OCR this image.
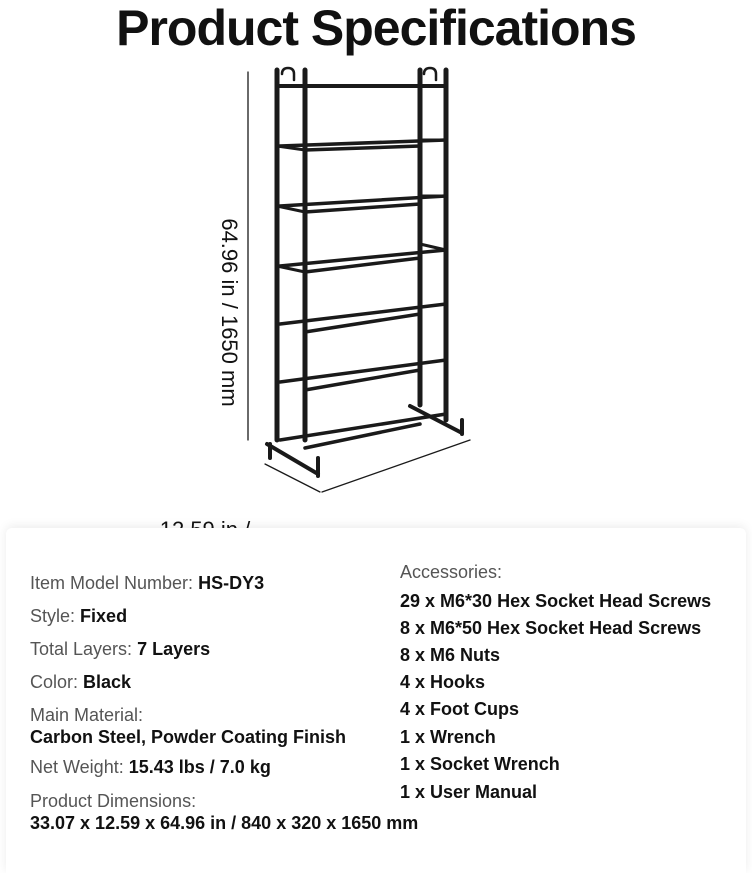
Product Specifications
64.96 in / 1650 mm
Item Model Number: HS-DY3
Style: Fixed
Total Layers: 7 Layers
Color: Black
Main Material:
Carbon Steel, Powder Coating Finish
Net Weight: 15.43 lbs / 7.0 kg
Product Dimensions:
33.07 x 12.59 x 64.96 in / 840 x 320 x 1650 mm
Accessories:
29 x M6*30 Hex Socket Head Screws
8 x M6*50 Hex Socket Head Screws
8 x M6 Nuts
4 x Hooks
4 x Foot Cups
1 x Wrench
1 x Socket Wrench
1 x User Manual
